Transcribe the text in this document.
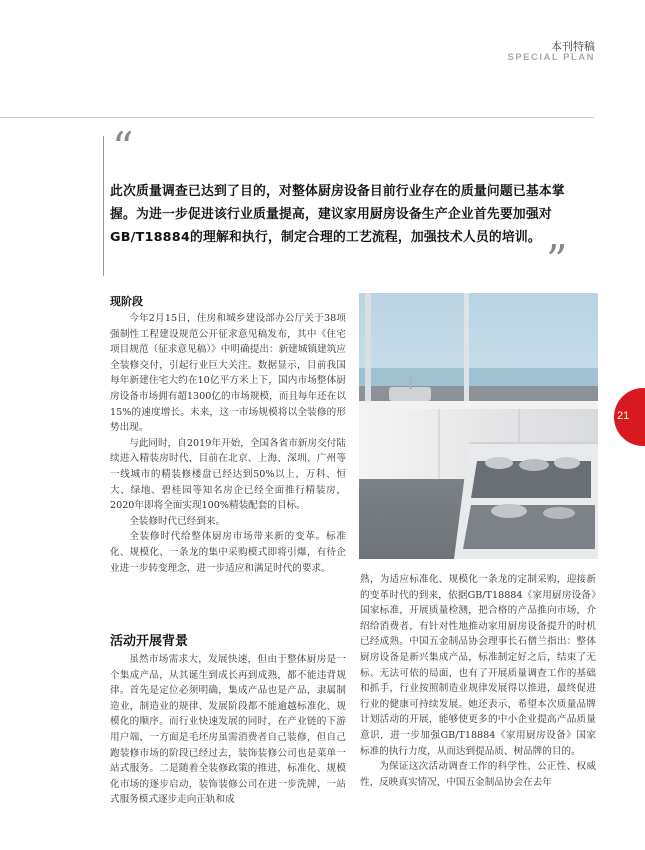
本刊特稿
SPECIAL PLAN
“

此次质量调查已达到了目的，对整体厨房设备目前行业存在的质量问题已基本掌握。为进一步促进该行业质量提高，建议家用厨房设备生产企业首先要加强对GB/T18884的理解和执行，制定合理的工艺流程，加强技术人员的培训。 ”
现阶段

今年2月15日，住房和城乡建设部办公厅关于38项强制性工程建设规范公开征求意见稿发布，其中《住宅项目规范（征求意见稿）》中明确提出：新建城镇建筑应全装修交付，引起行业巨大关注。数据显示，目前我国每年新建住宅大约在10亿平方米上下，国内市场整体厨房设备市场拥有超1300亿的市场规模，而且每年还在以15%的速度增长。未来，这一市场规模将以全装修的形势出现。

与此同时，自2019年开始，全国各省市新房交付陆续进入精装房时代，目前在北京、上海、深圳、广州等一线城市的精装修楼盘已经达到50%以上，万科、恒大、绿地、碧桂园等知名房企已经全面推行精装房，2020年即将全面实现100%精装配套的目标。

全装修时代已经到来。

全装修时代给整体厨房市场带来新的变革。标准化、规模化、一条龙的集中采购模式即将引爆，有待企业进一步转变理念，进一步适应和满足时代的要求。

活动开展背景

虽然市场需求大，发展快速，但由于整体厨房是一个集成产品，从其诞生到成长再到成熟，都不能违背规律。首先是定位必须明确，集成产品也是产品，隶属制造业，制造业的规律、发展阶段都不能逾越标准化、规模化的顺序。而行业快速发展的同时，在产业链的下游用户端，一方面是毛坯房虽需消费者自己装修，但自己跑装修市场的阶段已经过去，装饰装修公司也是菜单一站式服务。二是随着全装修政策的推进，标准化、规模化市场的逐步启动，装饰装修公司在进一步洗牌，一站式服务模式逐步走向正轨和成

熟，为适应标准化、规模化一条龙的定制采购，迎接新的变革时代的到来，依据GB/T18884《家用厨房设备》国家标准，开展质量检测，把合格的产品推向市场，介绍给消费者，有针对性地推动家用厨房设备提升的时机已经成熟。中国五金制品协会理事长石僧兰指出：整体厨房设备是新兴集成产品，标准制定好之后，结束了无标、无法可依的局面，也有了开展质量调查工作的基础和抓手，行业按照制造业规律发展得以推进，最终促进行业的健康可持续发展。她还表示，希望本次质量品牌计划活动的开展，能够使更多的中小企业提高产品质量意识，进一步加强GB/T18884《家用厨房设备》国家标准的执行力度，从而达到提品质、树品牌的目的。

为保证这次活动调查工作的科学性、公正性、权威性，反映真实情况，中国五金制品协会在去年

21
